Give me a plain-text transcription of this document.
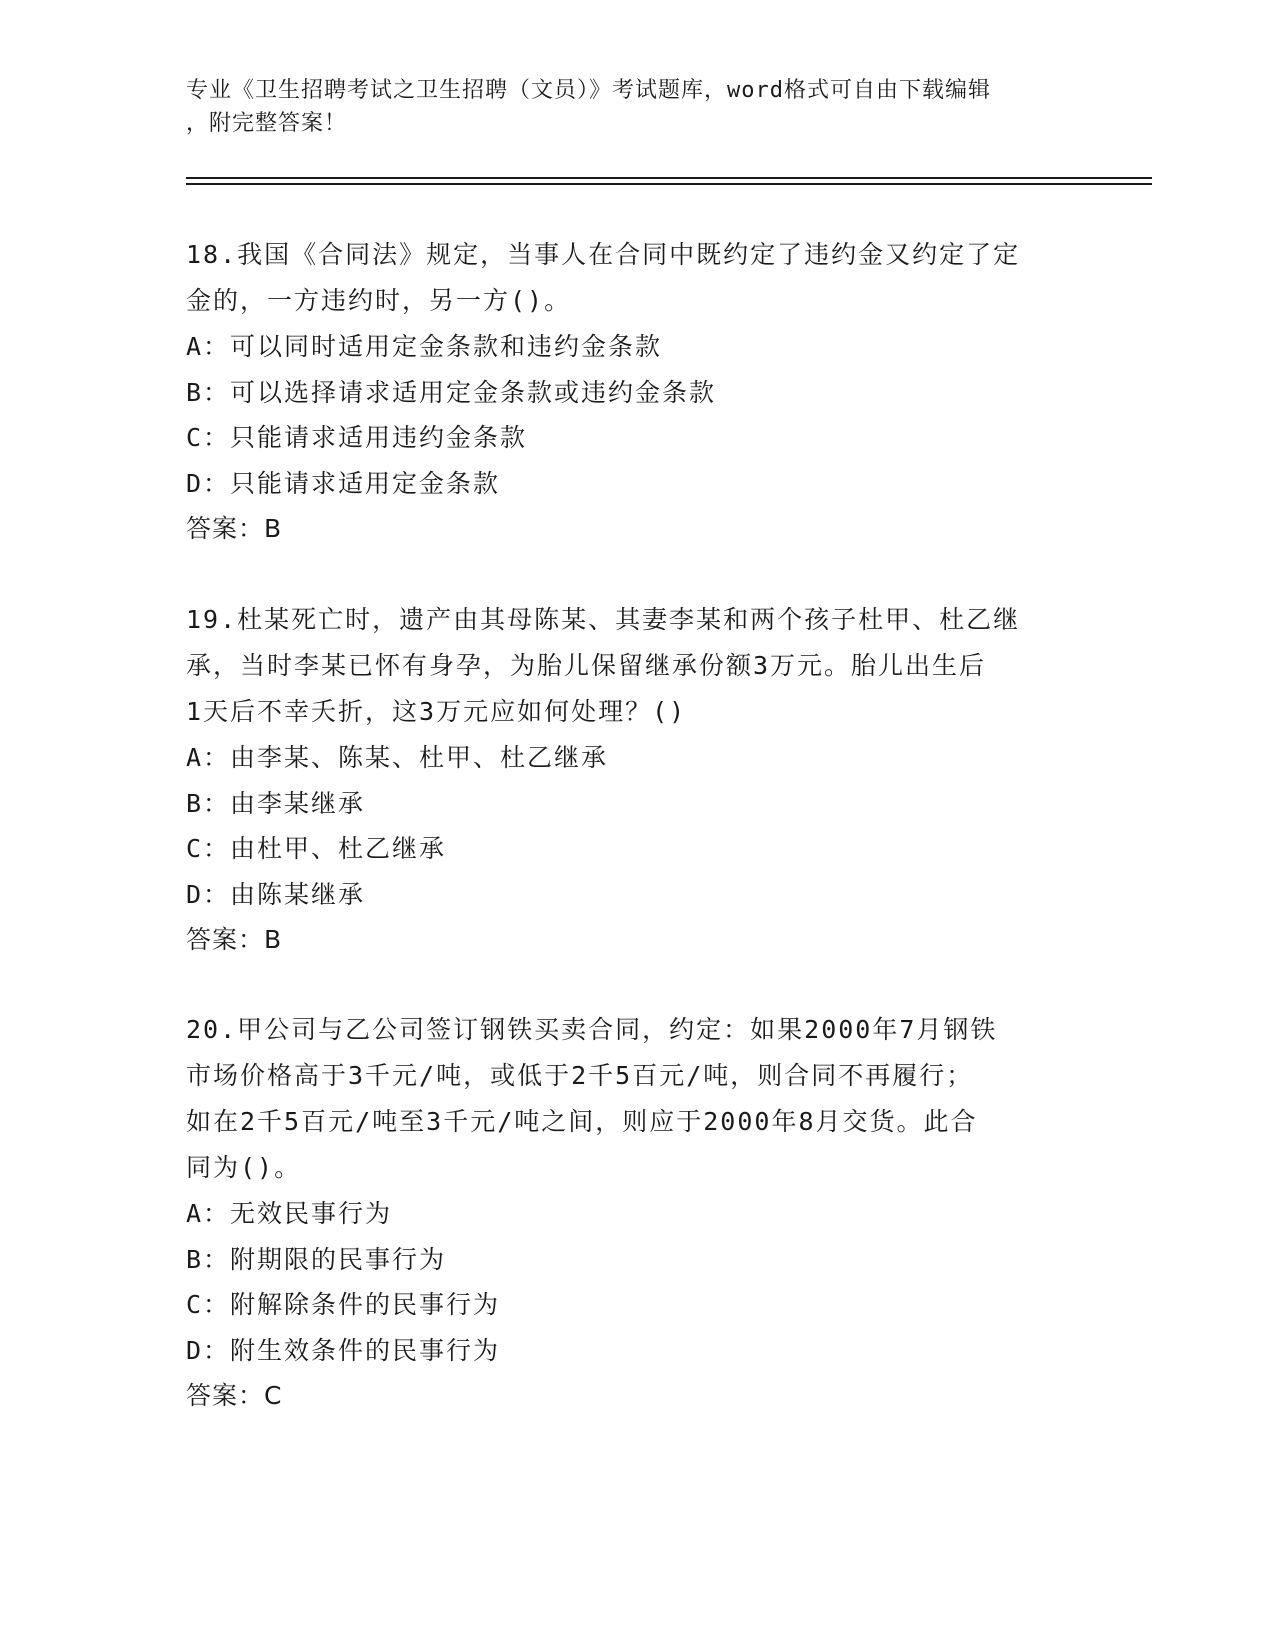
专业《卫生招聘考试之卫生招聘（文员）》考试题库，word格式可自由下载编辑
，附完整答案！

18.我国《合同法》规定，当事人在合同中既约定了违约金又约定了定

金的，一方违约时，另一方()。

A：可以同时适用定金条款和违约金条款

B：可以选择请求适用定金条款或违约金条款

C：只能请求适用违约金条款

D：只能请求适用定金条款

答案：B

19.杜某死亡时，遗产由其母陈某、其妻李某和两个孩子杜甲、杜乙继

承，当时李某已怀有身孕，为胎儿保留继承份额3万元。胎儿出生后

1天后不幸夭折，这3万元应如何处理？()

A：由李某、陈某、杜甲、杜乙继承

B：由李某继承

C：由杜甲、杜乙继承

D：由陈某继承

答案：B

20.甲公司与乙公司签订钢铁买卖合同，约定：如果2000年7月钢铁

市场价格高于3千元/吨，或低于2千5百元/吨，则合同不再履行；

如在2千5百元/吨至3千元/吨之间，则应于2000年8月交货。此合

同为()。

A：无效民事行为

B：附期限的民事行为

C：附解除条件的民事行为

D：附生效条件的民事行为

答案：C
